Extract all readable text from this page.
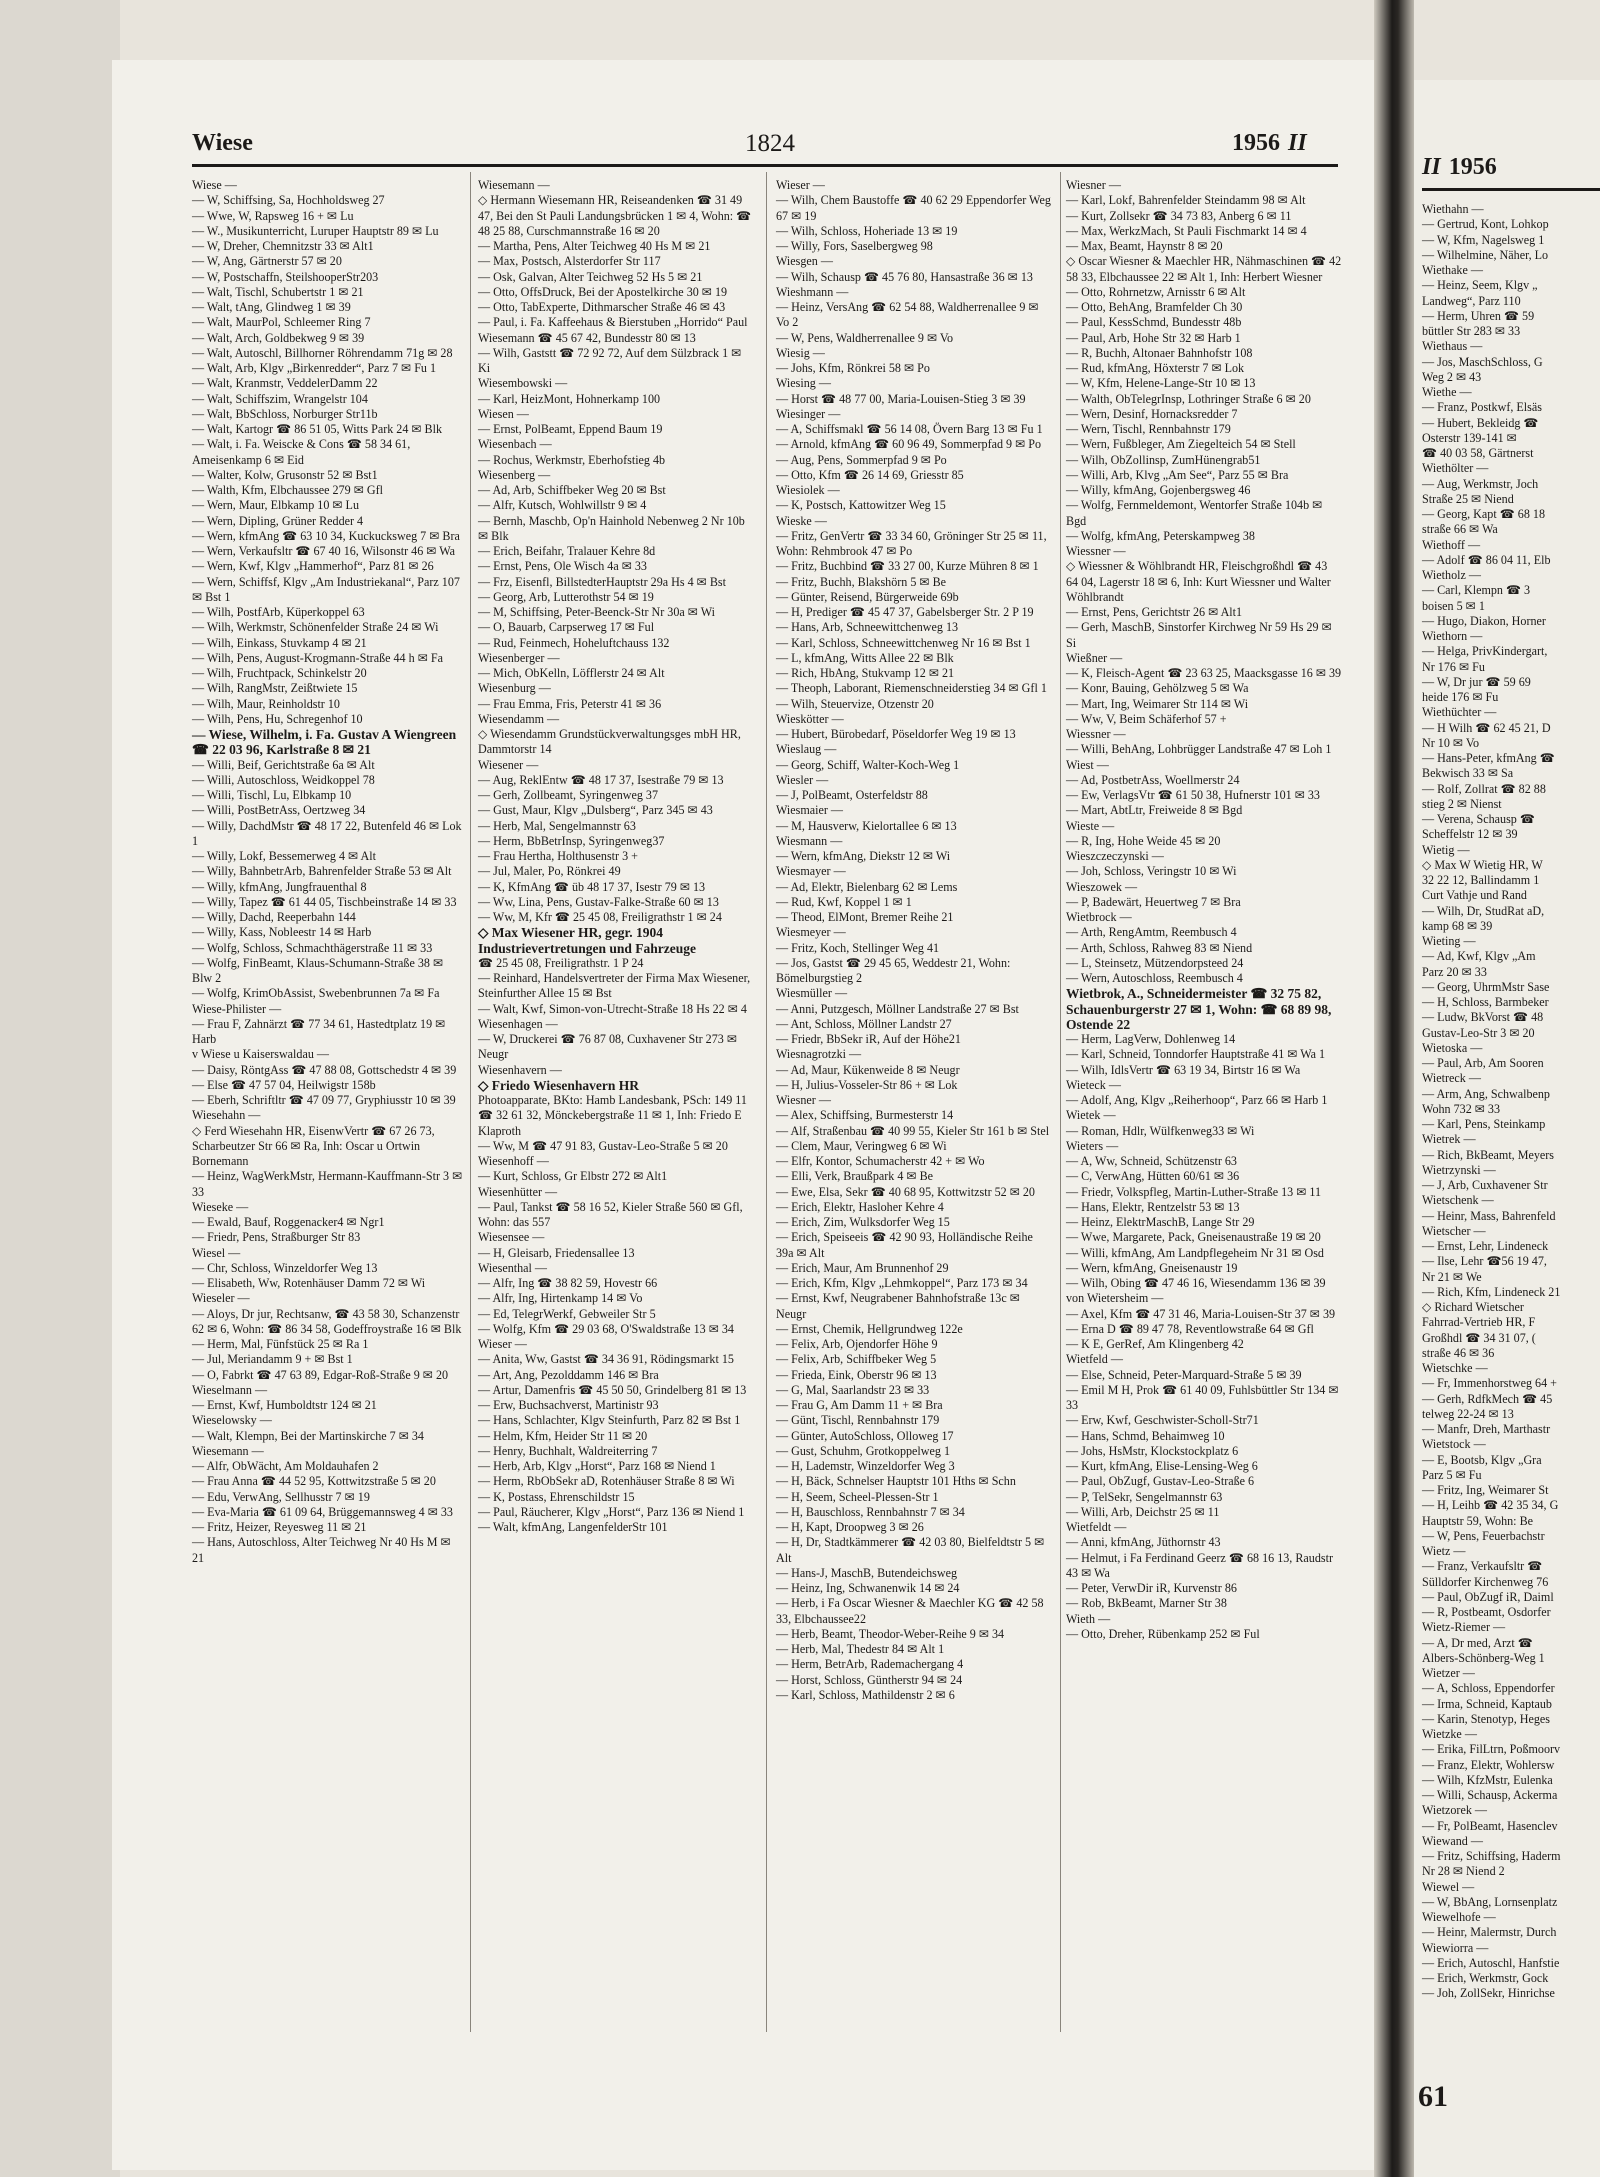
Wiese	1824	1956 II
Wiese —
— W, Schiffsing, Sa, Hochholdsweg 27
— Wwe, W, Rapsweg 16 + ✉ Lu
— W., Musikunterricht, Luruper Hauptstr 89 ✉ Lu
— W, Dreher, Chemnitzstr 33 ✉ Alt1
— W, Ang, Gärtnerstr 57 ✉ 20
— W, Postschaffn, SteilshooperStr203
— Walt, Tischl, Schubertstr 1 ✉ 21
— Walt, tAng, Glindweg 1 ✉ 39
— Walt, MaurPol, Schleemer Ring 7
— Walt, Arch, Goldbekweg 9 ✉ 39
— Walt, Autoschl, Billhorner Röhrendamm 71g ✉ 28
— Walt, Arb, Klgv „Birkenredder“, Parz 7 ✉ Fu 1
— Walt, Kranmstr, VeddelerDamm 22
— Walt, Schiffszim, Wrangelstr 104
— Walt, BbSchloss, Norburger Str11b
— Walt, Kartogr ☎ 86 51 05, Witts Park 24 ✉ Blk
— Walt, i. Fa. Weiscke & Cons ☎ 58 34 61, Ameisenkamp 6 ✉ Eid
— Walter, Kolw, Grusonstr 52 ✉ Bst1
— Walth, Kfm, Elbchaussee 279 ✉ Gfl
— Wern, Maur, Elbkamp 10 ✉ Lu
— Wern, Dipling, Grüner Redder 4
— Wern, kfmAng ☎ 63 10 34, Kuckucksweg 7 ✉ Bra
— Wern, Verkaufsltr ☎ 67 40 16, Wilsonstr 46 ✉ Wa
— Wern, Kwf, Klgv „Hammerhof“, Parz 81 ✉ 26
— Wern, Schiffsf, Klgv „Am Industriekanal“, Parz 107 ✉ Bst 1
— Wilh, PostfArb, Küperkoppel 63
— Wilh, Werkmstr, Schönenfelder Straße 24 ✉ Wi
— Wilh, Einkass, Stuvkamp 4 ✉ 21
— Wilh, Pens, August-Krogmann-Straße 44 h ✉ Fa
— Wilh, Fruchtpack, Schinkelstr 20
— Wilh, RangMstr, Zeißtwiete 15
— Wilh, Maur, Reinholdstr 10
— Wilh, Pens, Hu, Schregenhof 10
— Wiese, Wilhelm, i. Fa. Gustav A Wiengreen ☎ 22 03 96, Karlstraße 8 ✉ 21
— Willi, Beif, Gerichtstraße 6a ✉ Alt
— Willi, Autoschloss, Weidkoppel 78
— Willi, Tischl, Lu, Elbkamp 10
— Willi, PostBetrAss, Oertzweg 34
— Willy, DachdMstr ☎ 48 17 22, Butenfeld 46 ✉ Lok 1
— Willy, Lokf, Bessemerweg 4 ✉ Alt
— Willy, BahnbetrArb, Bahrenfelder Straße 53 ✉ Alt
— Willy, kfmAng, Jungfrauenthal 8
— Willy, Tapez ☎ 61 44 05, Tischbeinstraße 14 ✉ 33
— Willy, Dachd, Reeperbahn 144
— Willy, Kass, Nobleestr 14 ✉ Harb
— Wolfg, Schloss, Schmachthägerstraße 11 ✉ 33
— Wolfg, FinBeamt, Klaus-Schumann-Straße 38 ✉ Blw 2
— Wolfg, KrimObAssist, Swebenbrunnen 7a ✉ Fa
Wiese-Philister —
— Frau F, Zahnärzt ☎ 77 34 61, Hastedtplatz 19 ✉ Harb
v Wiese u Kaiserswaldau —
— Daisy, RöntgAss ☎ 47 88 08, Gottschedstr 4 ✉ 39
— Else ☎ 47 57 04, Heilwigstr 158b
— Eberh, Schriftltr ☎ 47 09 77, Gryphiusstr 10 ✉ 39
Wiesehahn —
◇ Ferd Wiesehahn HR, EisenwVertr ☎ 67 26 73, Scharbeutzer Str 66 ✉ Ra, Inh: Oscar u Ortwin Bornemann
— Heinz, WagWerkMstr, Hermann-Kauffmann-Str 3 ✉ 33
Wieseke —
— Ewald, Bauf, Roggenacker4 ✉ Ngr1
— Friedr, Pens, Straßburger Str 83
Wiesel —
— Chr, Schloss, Winzeldorfer Weg 13
— Elisabeth, Ww, Rotenhäuser Damm 72 ✉ Wi
Wieseler —
— Aloys, Dr jur, Rechtsanw, ☎ 43 58 30, Schanzenstr 62 ✉ 6, Wohn: ☎ 86 34 58, Godeffroystraße 16 ✉ Blk
— Herm, Mal, Fünfstück 25 ✉ Ra 1
— Jul, Meriandamm 9 + ✉ Bst 1
— O, Fabrkt ☎ 47 63 89, Edgar-Roß-Straße 9 ✉ 20
Wieselmann —
— Ernst, Kwf, Humboldtstr 124 ✉ 21
Wieselowsky —
— Walt, Klempn, Bei der Martinskirche 7 ✉ 34
Wiesemann —
— Alfr, ObWächt, Am Moldauhafen 2
— Frau Anna ☎ 44 52 95, Kottwitzstraße 5 ✉ 20
— Edu, VerwAng, Sellhusstr 7 ✉ 19
— Eva-Maria ☎ 61 09 64, Brüggemannsweg 4 ✉ 33
— Fritz, Heizer, Reyesweg 11 ✉ 21
— Hans, Autoschloss, Alter Teichweg Nr 40 Hs M ✉ 21
Wiesemann —
◇ Hermann Wiesemann HR, Reiseandenken ☎ 31 49 47, Bei den St Pauli Landungsbrücken 1 ✉ 4, Wohn: ☎ 48 25 88, Curschmannstraße 16 ✉ 20
— Martha, Pens, Alter Teichweg 40 Hs M ✉ 21
— Max, Postsch, Alsterdorfer Str 117
— Osk, Galvan, Alter Teichweg 52 Hs 5 ✉ 21
— Otto, OffsDruck, Bei der Apostelkirche 30 ✉ 19
— Otto, TabExperte, Dithmarscher Straße 46 ✉ 43
— Paul, i. Fa. Kaffeehaus & Bierstuben „Horrido“ Paul Wiesemann ☎ 45 67 42, Bundesstr 80 ✉ 13
— Wilh, Gaststt ☎ 72 92 72, Auf dem Sülzbrack 1 ✉ Ki
Wiesembowski —
— Karl, HeizMont, Hohnerkamp 100
Wiesen —
— Ernst, PolBeamt, Eppend Baum 19
Wiesenbach —
— Rochus, Werkmstr, Eberhofstieg 4b
Wiesenberg —
— Ad, Arb, Schiffbeker Weg 20 ✉ Bst
— Alfr, Kutsch, Wohlwillstr 9 ✉ 4
— Bernh, Maschb, Op'n Hainhold Nebenweg 2 Nr 10b ✉ Blk
— Erich, Beifahr, Tralauer Kehre 8d
— Ernst, Pens, Ole Wisch 4a ✉ 33
— Frz, Eisenfl, BillstedterHauptstr 29a Hs 4 ✉ Bst
— Georg, Arb, Lutterothstr 54 ✉ 19
— M, Schiffsing, Peter-Beenck-Str Nr 30a ✉ Wi
— O, Bauarb, Carpserweg 17 ✉ Ful
— Rud, Feinmech, Hoheluftchauss 132
Wiesenberger —
— Mich, ObKelln, Löfflerstr 24 ✉ Alt
Wiesenburg —
— Frau Emma, Fris, Peterstr 41 ✉ 36
Wiesendamm —
◇ Wiesendamm Grundstückverwaltungsges mbH HR, Dammtorstr 14
Wiesener —
— Aug, ReklEntw ☎ 48 17 37, Isestraße 79 ✉ 13
— Gerh, Zollbeamt, Syringenweg 37
— Gust, Maur, Klgv „Dulsberg“, Parz 345 ✉ 43
— Herb, Mal, Sengelmannstr 63
— Herm, BbBetrInsp, Syringenweg37
— Frau Hertha, Holthusenstr 3 +
— Jul, Maler, Po, Rönkrei 49
— K, KfmAng ☎ üb 48 17 37, Isestr 79 ✉ 13
— Ww, Lina, Pens, Gustav-Falke-Straße 60 ✉ 13
— Ww, M, Kfr ☎ 25 45 08, Freiligrathstr 1 ✉ 24
◇ Max Wiesener HR, gegr. 1904 Industrievertretungen und Fahrzeuge
☎ 25 45 08, Freiligrathstr. 1 P 24
— Reinhard, Handelsvertreter der Firma Max Wiesener, Steinfurther Allee 15 ✉ Bst
— Walt, Kwf, Simon-von-Utrecht-Straße 18 Hs 22 ✉ 4
Wiesenhagen —
— W, Druckerei ☎ 76 87 08, Cuxhavener Str 273 ✉ Neugr
Wiesenhavern —
◇ Friedo Wiesenhavern HR
Photoapparate, BKto: Hamb Landesbank, PSch: 149 11 ☎ 32 61 32, Mönckebergstraße 11 ✉ 1, Inh: Friedo E Klaproth
— Ww, M ☎ 47 91 83, Gustav-Leo-Straße 5 ✉ 20
Wiesenhoff —
— Kurt, Schloss, Gr Elbstr 272 ✉ Alt1
Wiesenhütter —
— Paul, Tankst ☎ 58 16 52, Kieler Straße 560 ✉ Gfl, Wohn: das 557
Wiesensee —
— H, Gleisarb, Friedensallee 13
Wiesenthal —
— Alfr, Ing ☎ 38 82 59, Hovestr 66
— Alfr, Ing, Hirtenkamp 14 ✉ Vo
— Ed, TelegrWerkf, Gebweiler Str 5
— Wolfg, Kfm ☎ 29 03 68, O'Swaldstraße 13 ✉ 34
Wieser —
— Anita, Ww, Gastst ☎ 34 36 91, Rödingsmarkt 15
— Art, Ang, Pezolddamm 146 ✉ Bra
— Artur, Damenfris ☎ 45 50 50, Grindelberg 81 ✉ 13
— Erw, Buchsachverst, Martinistr 93
— Hans, Schlachter, Klgv Steinfurth, Parz 82 ✉ Bst 1
— Helm, Kfm, Heider Str 11 ✉ 20
— Henry, Buchhalt, Waldreiterring 7
— Herb, Arb, Klgv „Horst“, Parz 168 ✉ Niend 1
— Herm, RbObSekr aD, Rotenhäuser Straße 8 ✉ Wi
— K, Postass, Ehrenschildstr 15
— Paul, Räucherer, Klgv „Horst“, Parz 136 ✉ Niend 1
— Walt, kfmAng, LangenfelderStr 101
Wieser —
— Wilh, Chem Baustoffe ☎ 40 62 29 Eppendorfer Weg 67 ✉ 19
— Wilh, Schloss, Hoheriade 13 ✉ 19
— Willy, Fors, Saselbergweg 98
Wiesgen —
— Wilh, Schausp ☎ 45 76 80, Hansastraße 36 ✉ 13
Wieshmann —
— Heinz, VersAng ☎ 62 54 88, Waldherrenallee 9 ✉ Vo 2
— W, Pens, Waldherrenallee 9 ✉ Vo
Wiesig —
— Johs, Kfm, Rönkrei 58 ✉ Po
Wiesing —
— Horst ☎ 48 77 00, Maria-Louisen-Stieg 3 ✉ 39
Wiesinger —
— A, Schiffsmakl ☎ 56 14 08, Övern Barg 13 ✉ Fu 1
— Arnold, kfmAng ☎ 60 96 49, Sommerpfad 9 ✉ Po
— Aug, Pens, Sommerpfad 9 ✉ Po
— Otto, Kfm ☎ 26 14 69, Griesstr 85
Wiesiolek —
— K, Postsch, Kattowitzer Weg 15
Wieske —
— Fritz, GenVertr ☎ 33 34 60, Gröninger Str 25 ✉ 11, Wohn: Rehmbrook 47 ✉ Po
— Fritz, Buchbind ☎ 33 27 00, Kurze Mühren 8 ✉ 1
— Fritz, Buchh, Blakshörn 5 ✉ Be
— Günter, Reisend, Bürgerweide 69b
— H, Prediger ☎ 45 47 37, Gabelsberger Str. 2 P 19
— Hans, Arb, Schneewittchenweg 13
— Karl, Schloss, Schneewittchenweg Nr 16 ✉ Bst 1
— L, kfmAng, Witts Allee 22 ✉ Blk
— Rich, HbAng, Stukvamp 12 ✉ 21
— Theoph, Laborant, Riemenschneiderstieg 34 ✉ Gfl 1
— Wilh, Steuervize, Otzenstr 20
Wieskötter —
— Hubert, Bürobedarf, Pöseldorfer Weg 19 ✉ 13
Wieslaug —
— Georg, Schiff, Walter-Koch-Weg 1
Wiesler —
— J, PolBeamt, Osterfeldstr 88
Wiesmaier —
— M, Hausverw, Kielortallee 6 ✉ 13
Wiesmann —
— Wern, kfmAng, Diekstr 12 ✉ Wi
Wiesmayer —
— Ad, Elektr, Bielenbarg 62 ✉ Lems
— Rud, Kwf, Koppel 1 ✉ 1
— Theod, ElMont, Bremer Reihe 21
Wiesmeyer —
— Fritz, Koch, Stellinger Weg 41
— Jos, Gastst ☎ 29 45 65, Weddestr 21, Wohn: Bömelburgstieg 2
Wiesmüller —
— Anni, Putzgesch, Möllner Landstraße 27 ✉ Bst
— Ant, Schloss, Möllner Landstr 27
— Friedr, BbSekr iR, Auf der Höhe21
Wiesnagrotzki —
— Ad, Maur, Kükenweide 8 ✉ Neugr
— H, Julius-Vosseler-Str 86 + ✉ Lok
Wiesner —
— Alex, Schiffsing, Burmesterstr 14
— Alf, Straßenbau ☎ 40 99 55, Kieler Str 161 b ✉ Stel
— Clem, Maur, Veringweg 6 ✉ Wi
— Elfr, Kontor, Schumacherstr 42 + ✉ Wo
— Elli, Verk, Braußpark 4 ✉ Be
— Ewe, Elsa, Sekr ☎ 40 68 95, Kottwitzstr 52 ✉ 20
— Erich, Elektr, Hasloher Kehre 4
— Erich, Zim, Wulksdorfer Weg 15
— Erich, Speiseeis ☎ 42 90 93, Holländische Reihe 39a ✉ Alt
— Erich, Maur, Am Brunnenhof 29
— Erich, Kfm, Klgv „Lehmkoppel“, Parz 173 ✉ 34
— Ernst, Kwf, Neugrabener Bahnhofstraße 13c ✉ Neugr
— Ernst, Chemik, Hellgrundweg 122e
— Felix, Arb, Ojendorfer Höhe 9
— Felix, Arb, Schiffbeker Weg 5
— Frieda, Eink, Oberstr 96 ✉ 13
— G, Mal, Saarlandstr 23 ✉ 33
— Frau G, Am Damm 11 + ✉ Bra
— Günt, Tischl, Rennbahnstr 179
— Günter, AutoSchloss, Olloweg 17
— Gust, Schuhm, Grotkoppelweg 1
— H, Lademstr, Winzeldorfer Weg 3
— H, Bäck, Schnelser Hauptstr 101 Hths ✉ Schn
— H, Seem, Scheel-Plessen-Str 1
— H, Bauschloss, Rennbahnstr 7 ✉ 34
— H, Kapt, Droopweg 3 ✉ 26
— H, Dr, Stadtkämmerer ☎ 42 03 80, Bielfeldtstr 5 ✉ Alt
— Hans-J, MaschB, Butendeichsweg
— Heinz, Ing, Schwanenwik 14 ✉ 24
— Herb, i Fa Oscar Wiesner & Maechler KG ☎ 42 58 33, Elbchaussee22
— Herb, Beamt, Theodor-Weber-Reihe 9 ✉ 34
— Herb, Mal, Thedestr 84 ✉ Alt 1
— Herm, BetrArb, Rademachergang 4
— Horst, Schloss, Güntherstr 94 ✉ 24
— Karl, Schloss, Mathildenstr 2 ✉ 6
Wiesner —
— Karl, Lokf, Bahrenfelder Steindamm 98 ✉ Alt
— Kurt, Zollsekr ☎ 34 73 83, Anberg 6 ✉ 11
— Max, WerkzMach, St Pauli Fischmarkt 14 ✉ 4
— Max, Beamt, Haynstr 8 ✉ 20
◇ Oscar Wiesner & Maechler HR, Nähmaschinen ☎ 42 58 33, Elbchaussee 22 ✉ Alt 1, Inh: Herbert Wiesner
— Otto, Rohrnetzw, Arnisstr 6 ✉ Alt
— Otto, BehAng, Bramfelder Ch 30
— Paul, KessSchmd, Bundesstr 48b
— Paul, Arb, Hohe Str 32 ✉ Harb 1
— R, Buchh, Altonaer Bahnhofstr 108
— Rud, kfmAng, Höxterstr 7 ✉ Lok
— W, Kfm, Helene-Lange-Str 10 ✉ 13
— Walth, ObTelegrInsp, Lothringer Straße 6 ✉ 20
— Wern, Desinf, Hornacksredder 7
— Wern, Tischl, Rennbahnstr 179
— Wern, Fußbleger, Am Ziegelteich 54 ✉ Stell
— Wilh, ObZollinsp, ZumHünengrab51
— Willi, Arb, Klvg „Am See“, Parz 55 ✉ Bra
— Willy, kfmAng, Gojenbergsweg 46
— Wolfg, Fernmeldemont, Wentorfer Straße 104b ✉ Bgd
— Wolfg, kfmAng, Peterskampweg 38
Wiessner —
◇ Wiessner & Wöhlbrandt HR, Fleischgroßhdl ☎ 43 64 04, Lagerstr 18 ✉ 6, Inh: Kurt Wiessner und Walter Wöhlbrandt
— Ernst, Pens, Gerichtstr 26 ✉ Alt1
— Gerh, MaschB, Sinstorfer Kirchweg Nr 59 Hs 29 ✉ Si
Wießner —
— K, Fleisch-Agent ☎ 23 63 25, Maacksgasse 16 ✉ 39
— Konr, Bauing, Gehölzweg 5 ✉ Wa
— Mart, Ing, Weimarer Str 114 ✉ Wi
— Ww, V, Beim Schäferhof 57 +
Wiessner —
— Willi, BehAng, Lohbrügger Landstraße 47 ✉ Loh 1
Wiest —
— Ad, PostbetrAss, Woellmerstr 24
— Ew, VerlagsVtr ☎ 61 50 38, Hufnerstr 101 ✉ 33
— Mart, AbtLtr, Freiweide 8 ✉ Bgd
Wieste —
— R, Ing, Hohe Weide 45 ✉ 20
Wieszczeczynski —
— Joh, Schloss, Veringstr 10 ✉ Wi
Wieszowek —
— P, Badewärt, Heuertweg 7 ✉ Bra
Wietbrock —
— Arth, RengAmtm, Reembusch 4
— Arth, Schloss, Rahweg 83 ✉ Niend
— L, Steinsetz, Mützendorpsteed 24
— Wern, Autoschloss, Reembusch 4
Wietbrok, A., Schneidermeister ☎ 32 75 82, Schauenburgerstr 27 ✉ 1, Wohn: ☎ 68 89 98, Ostende 22
— Herm, LagVerw, Dohlenweg 14
— Karl, Schneid, Tonndorfer Hauptstraße 41 ✉ Wa 1
— Wilh, IdlsVertr ☎ 63 19 34, Birtstr 16 ✉ Wa
Wieteck —
— Adolf, Ang, Klgv „Reiherhoop“, Parz 66 ✉ Harb 1
Wietek —
— Roman, Hdlr, Wülfkenweg33 ✉ Wi
Wieters —
— A, Ww, Schneid, Schützenstr 63
— C, VerwAng, Hütten 60/61 ✉ 36
— Friedr, Volkspfleg, Martin-Luther-Straße 13 ✉ 11
— Hans, Elektr, Rentzelstr 53 ✉ 13
— Heinz, ElektrMaschB, Lange Str 29
— Wwe, Margarete, Pack, Gneisenaustraße 19 ✉ 20
— Willi, kfmAng, Am Landpflegeheim Nr 31 ✉ Osd
— Wern, kfmAng, Gneisenaustr 19
— Wilh, Obing ☎ 47 46 16, Wiesendamm 136 ✉ 39
von Wietersheim —
— Axel, Kfm ☎ 47 31 46, Maria-Louisen-Str 37 ✉ 39
— Erna D ☎ 89 47 78, Reventlowstraße 64 ✉ Gfl
— K E, GerRef, Am Klingenberg 42
Wietfeld —
— Else, Schneid, Peter-Marquard-Straße 5 ✉ 39
— Emil M H, Prok ☎ 61 40 09, Fuhlsbüttler Str 134 ✉ 33
— Erw, Kwf, Geschwister-Scholl-Str71
— Hans, Schmd, Behaimweg 10
— Johs, HsMstr, Klockstockplatz 6
— Kurt, kfmAng, Elise-Lensing-Weg 6
— Paul, ObZugf, Gustav-Leo-Straße 6
— P, TelSekr, Sengelmannstr 63
— Willi, Arb, Deichstr 25 ✉ 11
Wietfeldt —
— Anni, kfmAng, Jüthornstr 43
— Helmut, i Fa Ferdinand Geerz ☎ 68 16 13, Raudstr 43 ✉ Wa
— Peter, VerwDir iR, Kurvenstr 86
— Rob, BkBeamt, Marner Str 38
Wieth —
— Otto, Dreher, Rübenkamp 252 ✉ Ful
II 1956
Wiethahn —
— Gertrud, Kont, Lohkop
— W, Kfm, Nagelsweg 1
— Wilhelmine, Näher, Lo
Wiethake —
— Heinz, Seem, Klgv „
Landweg“, Parz 110
— Herm, Uhren ☎ 59
büttler Str 283 ✉ 33
Wiethaus —
— Jos, MaschSchloss, G
Weg 2 ✉ 43
Wiethe —
— Franz, Postkwf, Elsäs
— Hubert, Bekleidg ☎
Osterstr 139-141 ✉
☎ 40 03 58, Gärtnerst
Wiethölter —
— Aug, Werkmstr, Joch
Straße 25 ✉ Niend
— Georg, Kapt ☎ 68 18
straße 66 ✉ Wa
Wiethoff —
— Adolf ☎ 86 04 11, Elb
Wietholz —
— Carl, Klempn ☎ 3
boisen 5 ✉ 1
— Hugo, Diakon, Horner
Wiethorn —
— Helga, PrivKindergart,
Nr 176 ✉ Fu
— W, Dr jur ☎ 59 69
heide 176 ✉ Fu
Wiethüchter —
— H Wilh ☎ 62 45 21, D
Nr 10 ✉ Vo
— Hans-Peter, kfmAng ☎
Bekwisch 33 ✉ Sa
— Rolf, Zollrat ☎ 82 88
stieg 2 ✉ Nienst
— Verena, Schausp ☎
Scheffelstr 12 ✉ 39
Wietig —
◇ Max W Wietig HR, W
32 22 12, Ballindamm 1
Curt Vathje und Rand
— Wilh, Dr, StudRat aD,
kamp 68 ✉ 39
Wieting —
— Ad, Kwf, Klgv „Am
Parz 20 ✉ 33
— Georg, UhrmMstr Sase
— H, Schloss, Barmbeker
— Ludw, BkVorst ☎ 48
Gustav-Leo-Str 3 ✉ 20
Wietoska —
— Paul, Arb, Am Sooren
Wietreck —
— Arm, Ang, Schwalbenp
Wohn 732 ✉ 33
— Karl, Pens, Steinkamp
Wietrek —
— Rich, BkBeamt, Meyers
Wietrzynski —
— J, Arb, Cuxhavener Str
Wietschenk —
— Heinr, Mass, Bahrenfeld
Wietscher —
— Ernst, Lehr, Lindeneck
— Ilse, Lehr ☎56 19 47,
Nr 21 ✉ We
— Rich, Kfm, Lindeneck 21
◇ Richard Wietscher
Fahrrad-Vertrieb HR, F
Großhdl ☎ 34 31 07, (
straße 46 ✉ 36
Wietschke —
— Fr, Immenhorstweg 64 +
— Gerh, RdfkMech ☎ 45
telweg 22-24 ✉ 13
— Manfr, Dreh, Marthastr
Wietstock —
— E, Bootsb, Klgv „Gra
Parz 5 ✉ Fu
— Fritz, Ing, Weimarer St
— H, Leihb ☎ 42 35 34, G
Hauptstr 59, Wohn: Be
— W, Pens, Feuerbachstr
Wietz —
— Franz, Verkaufsltr ☎
Sülldorfer Kirchenweg 76
— Paul, ObZugf iR, Daiml
— R, Postbeamt, Osdorfer
Wietz-Riemer —
— A, Dr med, Arzt ☎
Albers-Schönberg-Weg 1
Wietzer —
— A, Schloss, Eppendorfer
— Irma, Schneid, Kaptaub
— Karin, Stenotyp, Heges
Wietzke —
— Erika, FilLtrn, Poßmoorv
— Franz, Elektr, Wohlersw
— Wilh, KfzMstr, Eulenka
— Willi, Schausp, Ackerma
Wietzorek —
— Fr, PolBeamt, Hasenclev
Wiewand —
— Fritz, Schiffsing, Haderm
Nr 28 ✉ Niend 2
Wiewel —
— W, BbAng, Lornsenplatz
Wiewelhofe —
— Heinr, Malermstr, Durch
Wiewiorra —
— Erich, Autoschl, Hanfstie
— Erich, Werkmstr, Gock
— Joh, ZollSekr, Hinrichse
61
